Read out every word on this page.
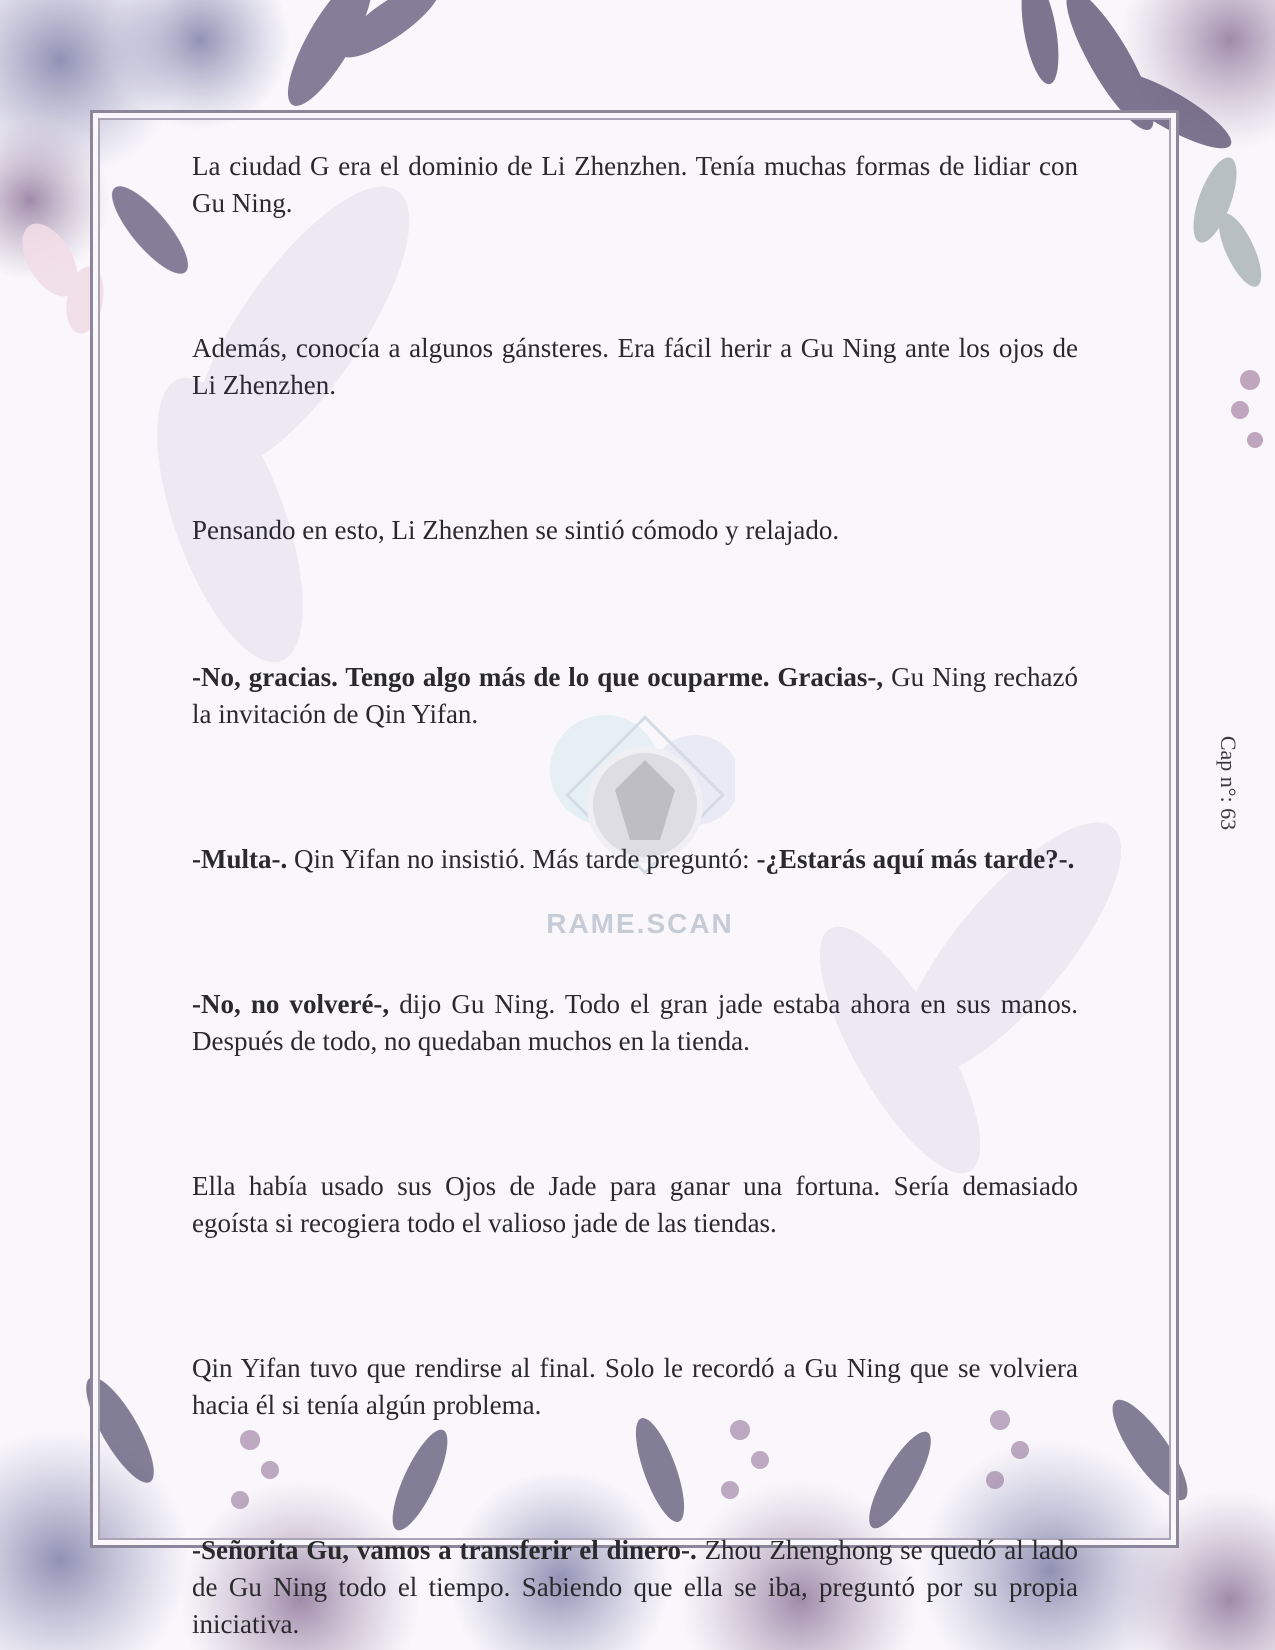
RAME.SCAN

La ciudad G era el dominio de Li Zhenzhen. Tenía muchas formas de lidiar con Gu Ning.

Además, conocía a algunos gánsteres. Era fácil herir a Gu Ning ante los ojos de Li Zhenzhen.

Pensando en esto, Li Zhenzhen se sintió cómodo y relajado.

-No, gracias. Tengo algo más de lo que ocuparme. Gracias-, Gu Ning rechazó la invitación de Qin Yifan.

-Multa-. Qin Yifan no insistió. Más tarde preguntó: -¿Estarás aquí más tarde?-.

-No, no volveré-, dijo Gu Ning. Todo el gran jade estaba ahora en sus manos. Después de todo, no quedaban muchos en la tienda.

Ella había usado sus Ojos de Jade para ganar una fortuna. Sería demasiado egoísta si recogiera todo el valioso jade de las tiendas.

Qin Yifan tuvo que rendirse al final. Solo le recordó a Gu Ning que se volviera hacia él si tenía algún problema.

-Señorita Gu, vamos a transferir el dinero-. Zhou Zhenghong se quedó al lado de Gu Ning todo el tiempo. Sabiendo que ella se iba, preguntó por su propia iniciativa.

Cap n°: 63
